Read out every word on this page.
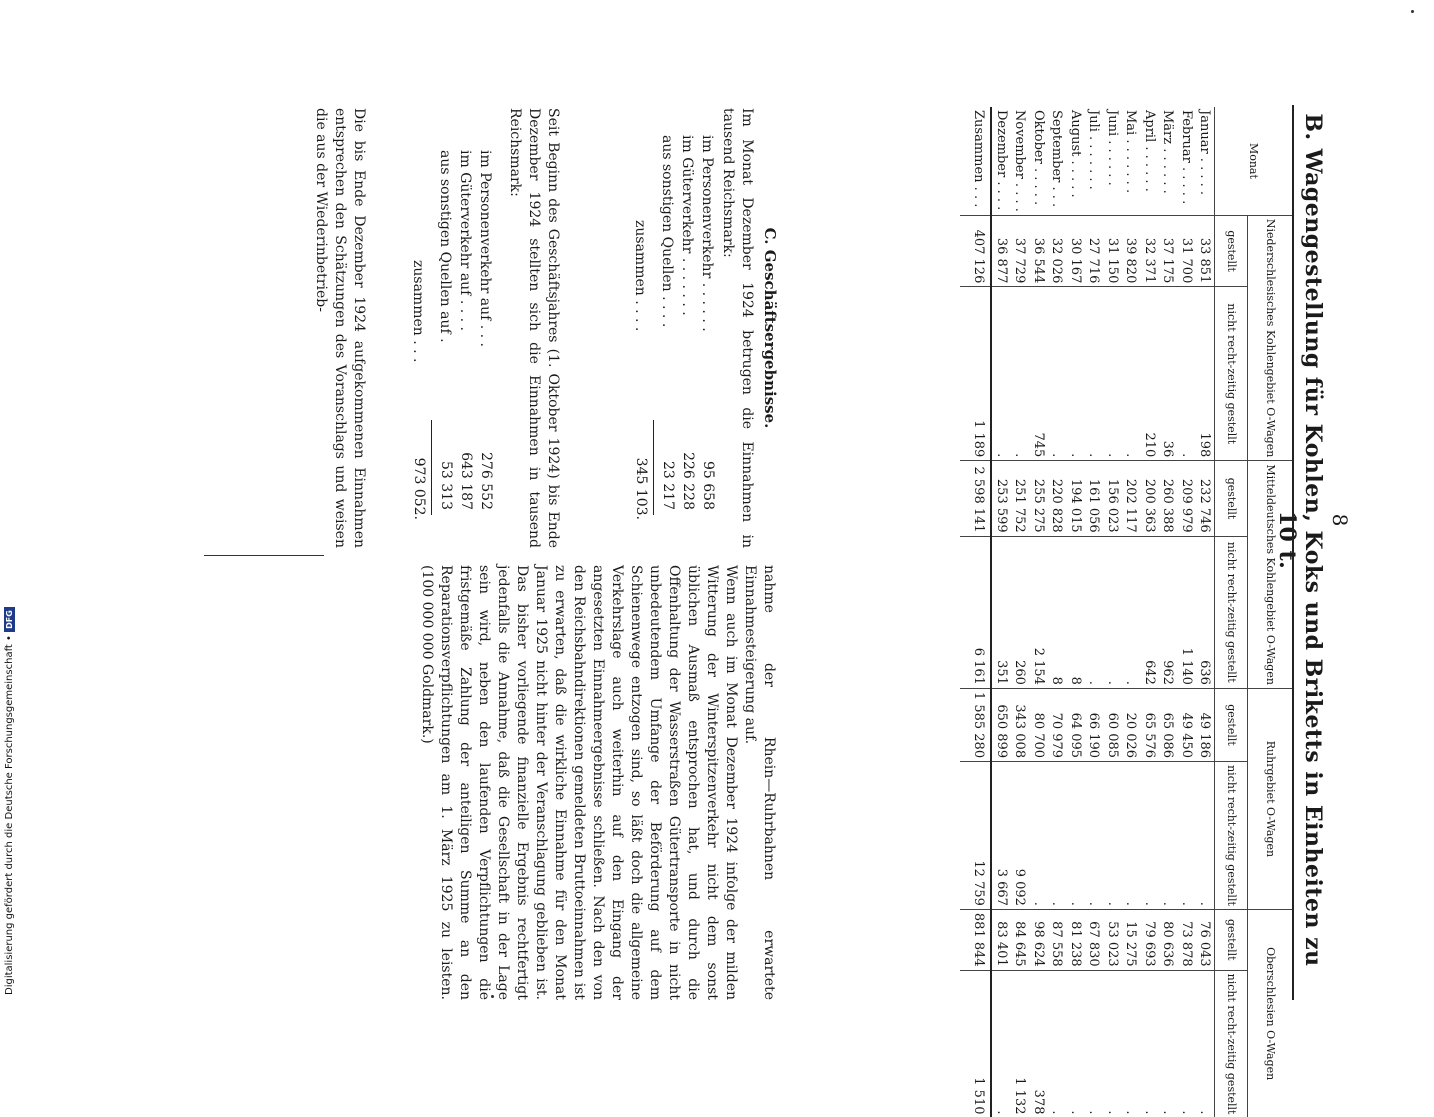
8
B. Wagengestellung für Kohlen, Koks und Briketts in Einheiten zu 10 t.
Monat	Niederschlesisches Kohlengebiet O-Wagen		Mitteldeutsches Kohlengebiet O-Wagen		Ruhrgebiet O-Wagen		Oberschlesien O-Wagen	
	gestellt	nicht recht-zeitig gestellt	gestellt	nicht recht-zeitig gestellt	gestellt	nicht recht-zeitig gestellt	gestellt	nicht recht-zeitig gestellt
Januar . . . . .	33 851	198	232 746	636	49 186	.	76 043	.
Februar . . . . .	31 700	.	209 979	1 140	49 450	.	73 878	.
März . . . . . .	37 175	36	260 388	962	65 086	.	80 636	.
April . . . . . .	32 371	210	200 363	642	65 576	.	79 693	.
Mai . . . . . . .	39 820	.	202 117	.	20 026	.	15 275	.
Juni . . . . . .	31 150	.	156 023	.	60 085	.	53 023	.
Juli . . . . . . .	27 716	.	161 056	.	66 190	.	67 830	.
August . . . . .	30 167	.	194 015	8	64 095	.	81 238	.
September . . .	32 026	.	220 828	8	70 979	.	87 558	.
Oktober . . . . .	36 544	745	255 275	2 154	80 700	.	98 624	378
November . . . .	37 729	.	251 752	260	343 008	9 092	84 645	1 132
Dezember . . . .	36 877	.	253 599	351	650 899	3 667	83 401	.
Zusammen . . .	407 126	1 189	2 598 141	6 161	1 585 280	12 759	881 844	1 510
C. Geschäftsergebnisse.
Im Monat Dezember 1924 betrugen die Einnahmen in tausend Reichsmark:
im Personenverkehr . . . . . .
95 658
im Güterverkehr . . . . . . .
226 228
aus sonstigen Quellen . . . .
23 217
zusammen . . . .
345 103.
Seit Beginn des Geschäftsjahres (1. Oktober 1924) bis Ende Dezember 1924 stellten sich die Einnahmen in tausend Reichsmark:
im Personenverkehr auf . . .
276 552
im Güterverkehr auf . . . .
643 187
aus sonstigen Quellen auf .
53 313
zusammen . . .
973 052.
Die bis Ende Dezember 1924 aufgekommenen Einnahmen entsprechen den Schätzungen des Voranschlags und weisen die aus der Wiederinbetrieb-
nahme der Rhein—Ruhrbahnen erwartete Einnahmesteigerung auf.
Wenn auch im Monat Dezember 1924 infolge der milden Witterung der Winterspitzenverkehr nicht dem sonst üblichen Ausmaß entsprochen hat, und durch die Offenhaltung der Wasserstraßen Gütertransporte in nicht unbedeutendem Umfange der Beförderung auf dem Schienenwege entzogen sind, so läßt doch die allgemeine Verkehrslage auch weiterhin auf den Eingang der angesetzten Einnahmeergebnisse schließen. Nach den von den Reichsbahndirektionen gemeldeten Bruttoeinnahmen ist zu erwarten, daß die wirkliche Einnahme für den Monat Januar 1925 nicht hinter der Veranschlagung geblieben ist. Das bisher vorliegende finanzielle Ergebnis rechtfertigt jedenfalls die Annahme, daß die Gesellschaft in der Lage sein wird, neben den laufenden Verpflichtungen die fristgemäße Zahlung der anteiligen Summe an den Reparationsverpflichtungen am 1. März 1925 zu leisten. (100 000 000 Goldmark.)
Digitalisierung gefördert durch die Deutsche Forschungsgemeinschaft • DFG
